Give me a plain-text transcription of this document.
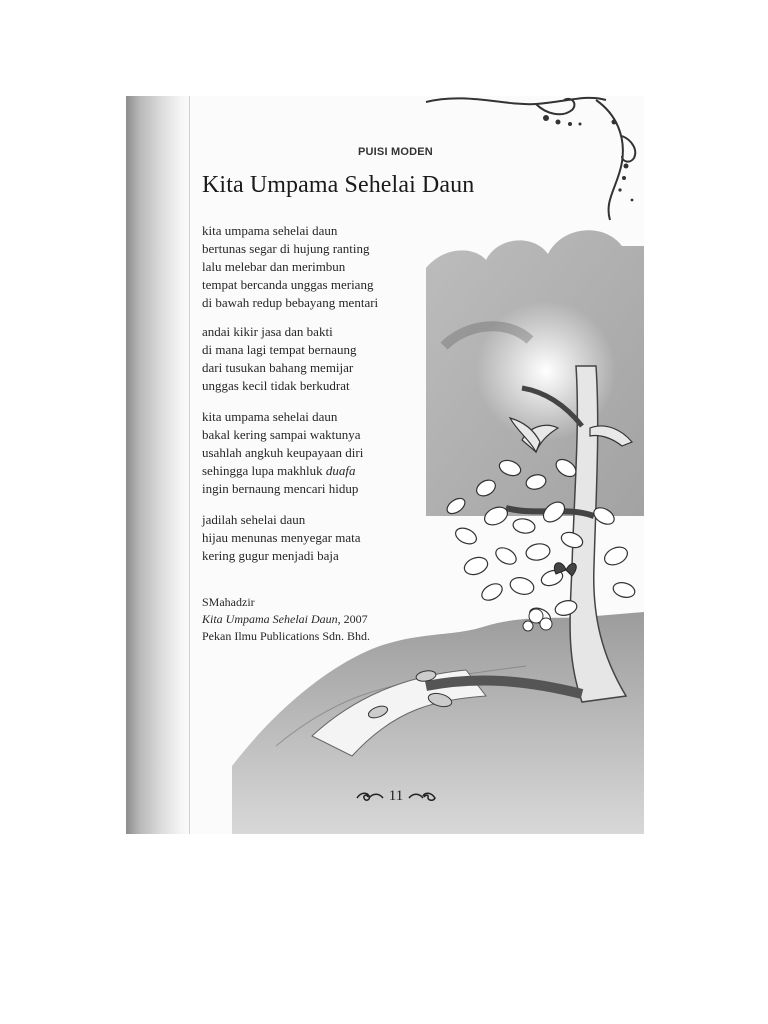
PUISI MODEN
Kita Umpama Sehelai Daun
kita umpama sehelai daun
bertunas segar di hujung ranting
lalu melebar dan merimbun
tempat bercanda unggas meriang
di bawah redup bebayang mentari
andai kikir jasa dan bakti
di mana lagi tempat bernaung
dari tusukan bahang memijar
unggas kecil tidak berkudrat
kita umpama sehelai daun
bakal kering sampai waktunya
usahlah angkuh keupayaan diri
sehingga lupa makhluk duafa
ingin bernaung mencari hidup
jadilah sehelai daun
hijau menunas menyegar mata
kering gugur menjadi baja
SMahadzir
Kita Umpama Sehelai Daun, 2007
Pekan Ilmu Publications Sdn. Bhd.
11
